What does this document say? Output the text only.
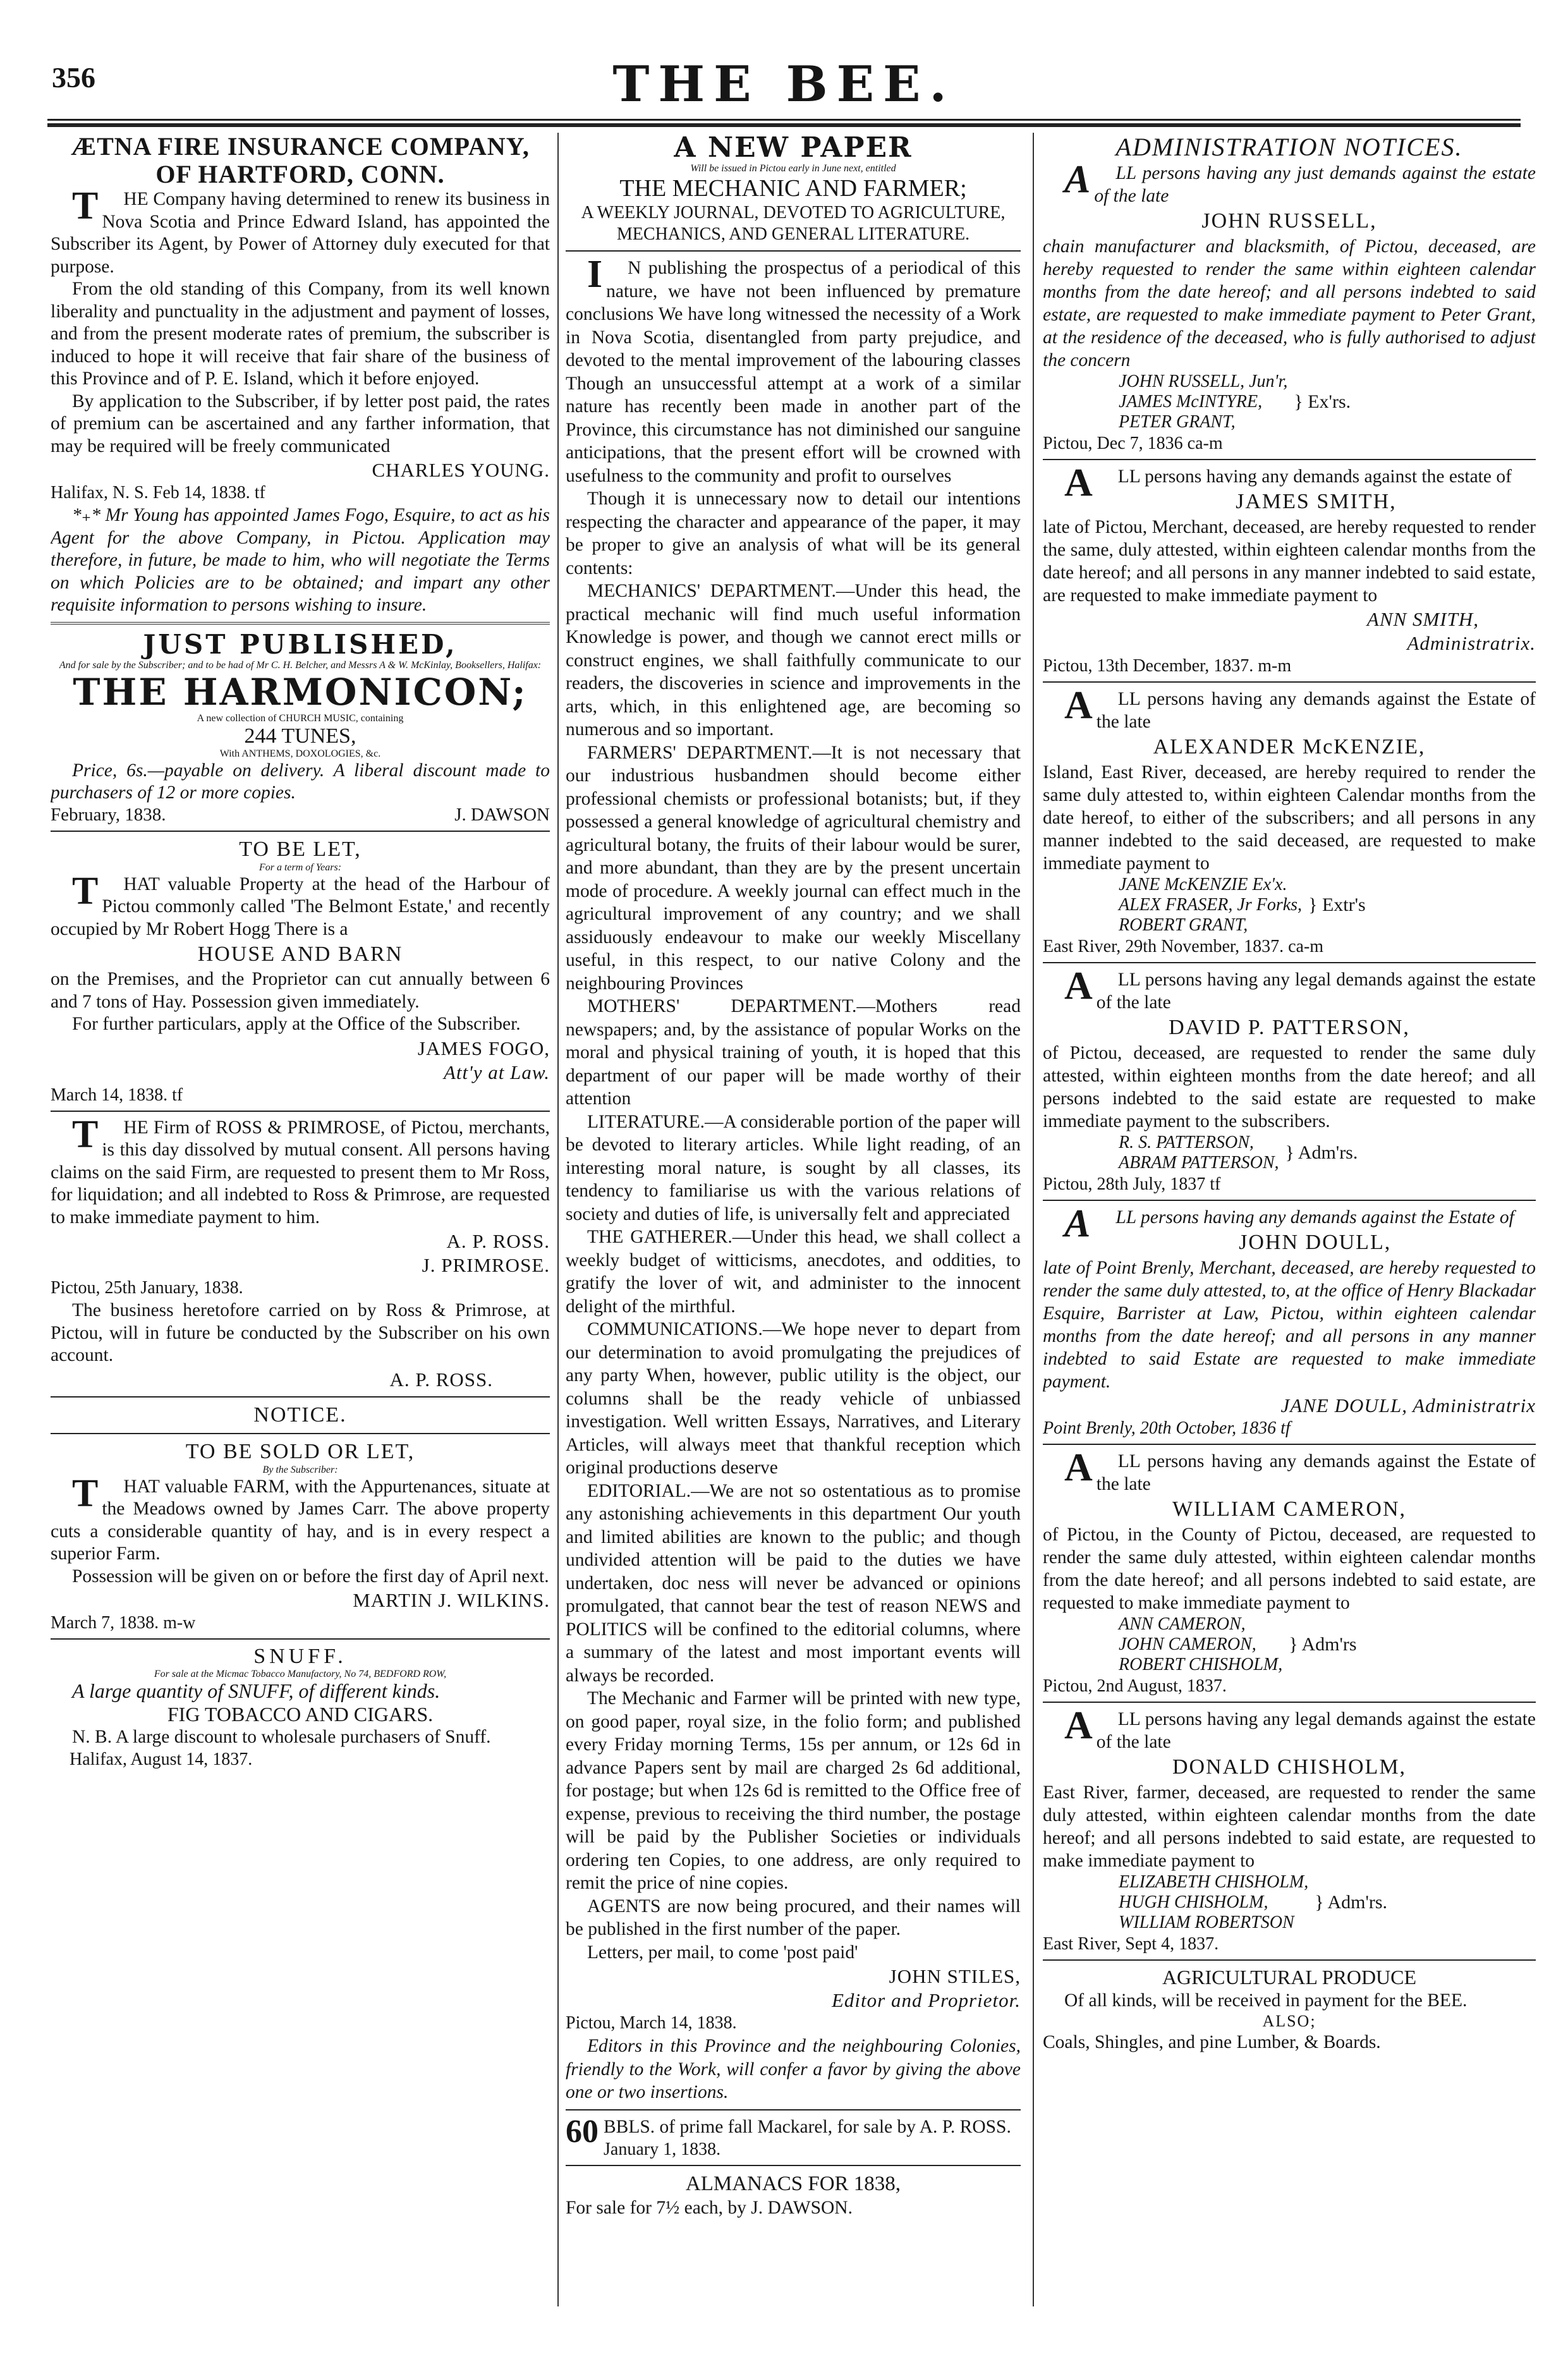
356	THE BEE.
ÆTNA FIRE INSURANCE COMPANY, OF HARTFORD, CONN.

THE Company having determined to renew its business in Nova Scotia and Prince Edward Island, has appointed the Subscriber its Agent, by Power of Attorney duly executed for that purpose.

From the old standing of this Company, from its well known liberality and punctuality in the adjustment and payment of losses, and from the present moderate rates of premium, the subscriber is induced to hope it will receive that fair share of the business of this Province and of P. E. Island, which it before enjoyed.

By application to the Subscriber, if by letter post paid, the rates of premium can be ascertained and any farther information, that may be required will be freely communicated

CHARLES YOUNG.
Halifax, N. S. Feb 14, 1838. tf

*₊* Mr Young has appointed James Fogo, Esquire, to act as his Agent for the above Company, in Pictou. Application may therefore, in future, be made to him, who will negotiate the Terms on which Policies are to be obtained; and impart any other requisite information to persons wishing to insure.

JUST PUBLISHED,

And for sale by the Subscriber; and to be had of Mr C. H. Belcher, and Messrs A & W. McKinlay, Booksellers, Halifax:

THE HARMONICON;

A new collection of CHURCH MUSIC, containing

244 TUNES,

With ANTHEMS, DOXOLOGIES, &c.

Price, 6s.—payable on delivery. A liberal discount made to purchasers of 12 or more copies.

February, 1838.	J. DAWSON
TO BE LET,

For a term of Years:

THAT valuable Property at the head of the Harbour of Pictou commonly called 'The Belmont Estate,' and recently occupied by Mr Robert Hogg There is a

HOUSE AND BARN

on the Premises, and the Proprietor can cut annually between 6 and 7 tons of Hay. Possession given immediately.

For further particulars, apply at the Office of the Subscriber.

JAMES FOGO,
Att'y at Law.
March 14, 1838. tf

THE Firm of ROSS & PRIMROSE, of Pictou, merchants, is this day dissolved by mutual consent. All persons having claims on the said Firm, are requested to present them to Mr Ross, for liquidation; and all indebted to Ross & Primrose, are requested to make immediate payment to him.

A. P. ROSS.
J. PRIMROSE.
Pictou, 25th January, 1838.

The business heretofore carried on by Ross & Primrose, at Pictou, will in future be conducted by the Subscriber on his own account.

A. P. ROSS.
NOTICE.
TO BE SOLD OR LET,

By the Subscriber:

THAT valuable FARM, with the Appurtenances, situate at the Meadows owned by James Carr. The above property cuts a considerable quantity of hay, and is in every respect a superior Farm.

Possession will be given on or before the first day of April next.

MARTIN J. WILKINS.
March 7, 1838. m-w
SNUFF.

For sale at the Micmac Tobacco Manufactory, No 74, BEDFORD ROW,

A large quantity of SNUFF, of different kinds.

FIG TOBACCO AND CIGARS.

N. B. A large discount to wholesale purchasers of Snuff.

Halifax, August 14, 1837.
A NEW PAPER

Will be issued in Pictou early in June next, entitled

THE MECHANIC AND FARMER;

A WEEKLY JOURNAL, DEVOTED TO AGRICULTURE, MECHANICS, AND GENERAL LITERATURE.

IN publishing the prospectus of a periodical of this nature, we have not been influenced by premature conclusions We have long witnessed the necessity of a Work in Nova Scotia, disentangled from party prejudice, and devoted to the mental improvement of the labouring classes Though an unsuccessful attempt at a work of a similar nature has recently been made in another part of the Province, this circumstance has not diminished our sanguine anticipations, that the present effort will be crowned with usefulness to the community and profit to ourselves

Though it is unnecessary now to detail our intentions respecting the character and appearance of the paper, it may be proper to give an analysis of what will be its general contents:

MECHANICS' DEPARTMENT.—Under this head, the practical mechanic will find much useful information Knowledge is power, and though we cannot erect mills or construct engines, we shall faithfully communicate to our readers, the discoveries in science and improvements in the arts, which, in this enlightened age, are becoming so numerous and so important.

FARMERS' DEPARTMENT.—It is not necessary that our industrious husbandmen should become either professional chemists or professional botanists; but, if they possessed a general knowledge of agricultural chemistry and agricultural botany, the fruits of their labour would be surer, and more abundant, than they are by the present uncertain mode of procedure. A weekly journal can effect much in the agricultural improvement of any country; and we shall assiduously endeavour to make our weekly Miscellany useful, in this respect, to our native Colony and the neighbouring Provinces

MOTHERS' DEPARTMENT.—Mothers read newspapers; and, by the assistance of popular Works on the moral and physical training of youth, it is hoped that this department of our paper will be made worthy of their attention

LITERATURE.—A considerable portion of the paper will be devoted to literary articles. While light reading, of an interesting moral nature, is sought by all classes, its tendency to familiarise us with the various relations of society and duties of life, is universally felt and appreciated

THE GATHERER.—Under this head, we shall collect a weekly budget of witticisms, anecdotes, and oddities, to gratify the lover of wit, and administer to the innocent delight of the mirthful.

COMMUNICATIONS.—We hope never to depart from our determination to avoid promulgating the prejudices of any party When, however, public utility is the object, our columns shall be the ready vehicle of unbiassed investigation. Well written Essays, Narratives, and Literary Articles, will always meet that thankful reception which original productions deserve

EDITORIAL.—We are not so ostentatious as to promise any astonishing achievements in this department Our youth and limited abilities are known to the public; and though undivided attention will be paid to the duties we have undertaken, doc ness will never be advanced or opinions promulgated, that cannot bear the test of reason NEWS and POLITICS will be confined to the editorial columns, where a summary of the latest and most important events will always be recorded.

The Mechanic and Farmer will be printed with new type, on good paper, royal size, in the folio form; and published every Friday morning Terms, 15s per annum, or 12s 6d in advance Papers sent by mail are charged 2s 6d additional, for postage; but when 12s 6d is remitted to the Office free of expense, previous to receiving the third number, the postage will be paid by the Publisher Societies or individuals ordering ten Copies, to one address, are only required to remit the price of nine copies.

AGENTS are now being procured, and their names will be published in the first number of the paper.

Letters, per mail, to come 'post paid'

JOHN STILES,
Editor and Proprietor.
Pictou, March 14, 1838.

Editors in this Province and the neighbouring Colonies, friendly to the Work, will confer a favor by giving the above one or two insertions.

60 BBLS. of prime fall Mackarel, for sale by A. P. ROSS.

January 1, 1838.
ALMANACS FOR 1838,

For sale for 7½ each, by J. DAWSON.

ADMINISTRATION NOTICES.

ALL persons having any just demands against the estate of the late

JOHN RUSSELL,

chain manufacturer and blacksmith, of Pictou, deceased, are hereby requested to render the same within eighteen calendar months from the date hereof; and all persons indebted to said estate, are requested to make immediate payment to Peter Grant, at the residence of the deceased, who is fully authorised to adjust the concern

JOHN RUSSELL, Jun'r,
JAMES McINTYRE,
PETER GRANT,
} Ex'rs.
Pictou, Dec 7, 1836 ca-m

ALL persons having any demands against the estate of

JAMES SMITH,

late of Pictou, Merchant, deceased, are hereby requested to render the same, duly attested, within eighteen calendar months from the date hereof; and all persons in any manner indebted to said estate, are requested to make immediate payment to

ANN SMITH,
Administratrix.
Pictou, 13th December, 1837. m-m

ALL persons having any demands against the Estate of the late

ALEXANDER McKENZIE,

Island, East River, deceased, are hereby required to render the same duly attested to, within eighteen Calendar months from the date hereof, to either of the subscribers; and all persons in any manner indebted to the said deceased, are requested to make immediate payment to

JANE McKENZIE Ex'x.
ALEX FRASER, Jr Forks,
ROBERT GRANT,
} Extr's
East River, 29th November, 1837. ca-m

ALL persons having any legal demands against the estate of the late

DAVID P. PATTERSON,

of Pictou, deceased, are requested to render the same duly attested, within eighteen months from the date hereof; and all persons indebted to the said estate are requested to make immediate payment to the subscribers.

R. S. PATTERSON,
ABRAM PATTERSON, } Adm'rs.
Pictou, 28th July, 1837 tf

ALL persons having any demands against the Estate of

JOHN DOULL,

late of Point Brenly, Merchant, deceased, are hereby requested to render the same duly attested, to, at the office of Henry Blackadar Esquire, Barrister at Law, Pictou, within eighteen calendar months from the date hereof; and all persons in any manner indebted to said Estate are requested to make immediate payment.

JANE DOULL, Administratrix
Point Brenly, 20th October, 1836 tf

ALL persons having any demands against the Estate of the late

WILLIAM CAMERON,

of Pictou, in the County of Pictou, deceased, are requested to render the same duly attested, within eighteen calendar months from the date hereof; and all persons indebted to said estate, are requested to make immediate payment to

ANN CAMERON,
JOHN CAMERON,
ROBERT CHISHOLM,
} Adm'rs
Pictou, 2nd August, 1837.

ALL persons having any legal demands against the estate of the late

DONALD CHISHOLM,

East River, farmer, deceased, are requested to render the same duly attested, within eighteen calendar months from the date hereof; and all persons indebted to said estate, are requested to make immediate payment to

ELIZABETH CHISHOLM,
HUGH CHISHOLM,
WILLIAM ROBERTSON
} Adm'rs.
East River, Sept 4, 1837.
AGRICULTURAL PRODUCE

Of all kinds, will be received in payment for the BEE.

ALSO;

Coals, Shingles, and pine Lumber, & Boards.
